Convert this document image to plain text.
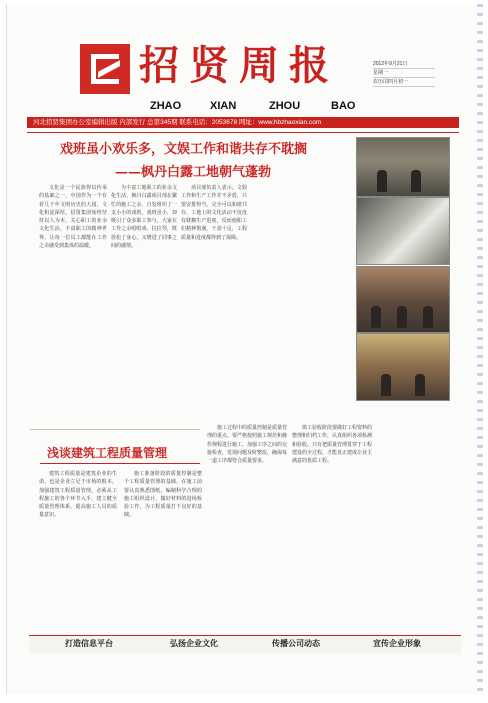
招贤周报
ZHAO	XIAN	ZHOU	BAO
2012年9月21日
星期一
农历闰四月初一
河北招贤集团办公室编辑出版 内部发行 总第345期 联系电话：2053678 网址：www.hbzhaoxian.com
戏班虽小欢乐多，文娱工作和谐共存不耽搁
——枫丹白露工地朝气蓬勃

文化是一个民族得以传承的基础之一，中国作为一个有着几千年文明历史的大国，文化积淀深厚。招贤集团始终坚持以人为本，关心职工的业余文化生活，丰富职工的精神世界，让每一位员工都能在工作之余感受到集体的温暖。

为丰富工地职工的业余文化生活，枫丹白露项目部在繁忙的施工之余，自发组织了一支小小的戏班。戏班虽小，却吸引了众多职工参与，大家在工作之余唱唱戏、拉拉琴，既放松了身心，又增进了同事之间的感情。

项目部负责人表示，文娱工作和生产工作并不矛盾，只要安排得当，完全可以和谐共存。工地上的文化活动不仅没有耽搁生产进度，反而使职工们精神饱满，干劲十足，工程质量和进度都得到了保障。

浅谈建筑工程质量管理

建筑工程质量是建筑企业的生命，也是企业立足于市场的根本。加强建筑工程质量管理，必须从工程施工的各个环节入手，建立健全质量管理体系，提高施工人员的质量意识。

施工准备阶段的质量控制是整个工程质量管理的基础。在施工前要认真熟悉图纸，编制科学合理的施工组织设计，做好材料的进场检验工作，为工程质量打下良好的基础。

施工过程中的质量控制是质量管理的重点。要严格按照施工规范和操作规程进行施工，加强工序之间的交接检查，发现问题及时整改，确保每一道工序都符合质量要求。

竣工验收阶段要做好工程资料的整理和归档工作，认真组织各项检测和验收。只有把质量管理贯穿于工程建设的全过程，才能真正建成让业主满意的优质工程。

打造信息平台	弘扬企业文化	传播公司动态	宣传企业形象
